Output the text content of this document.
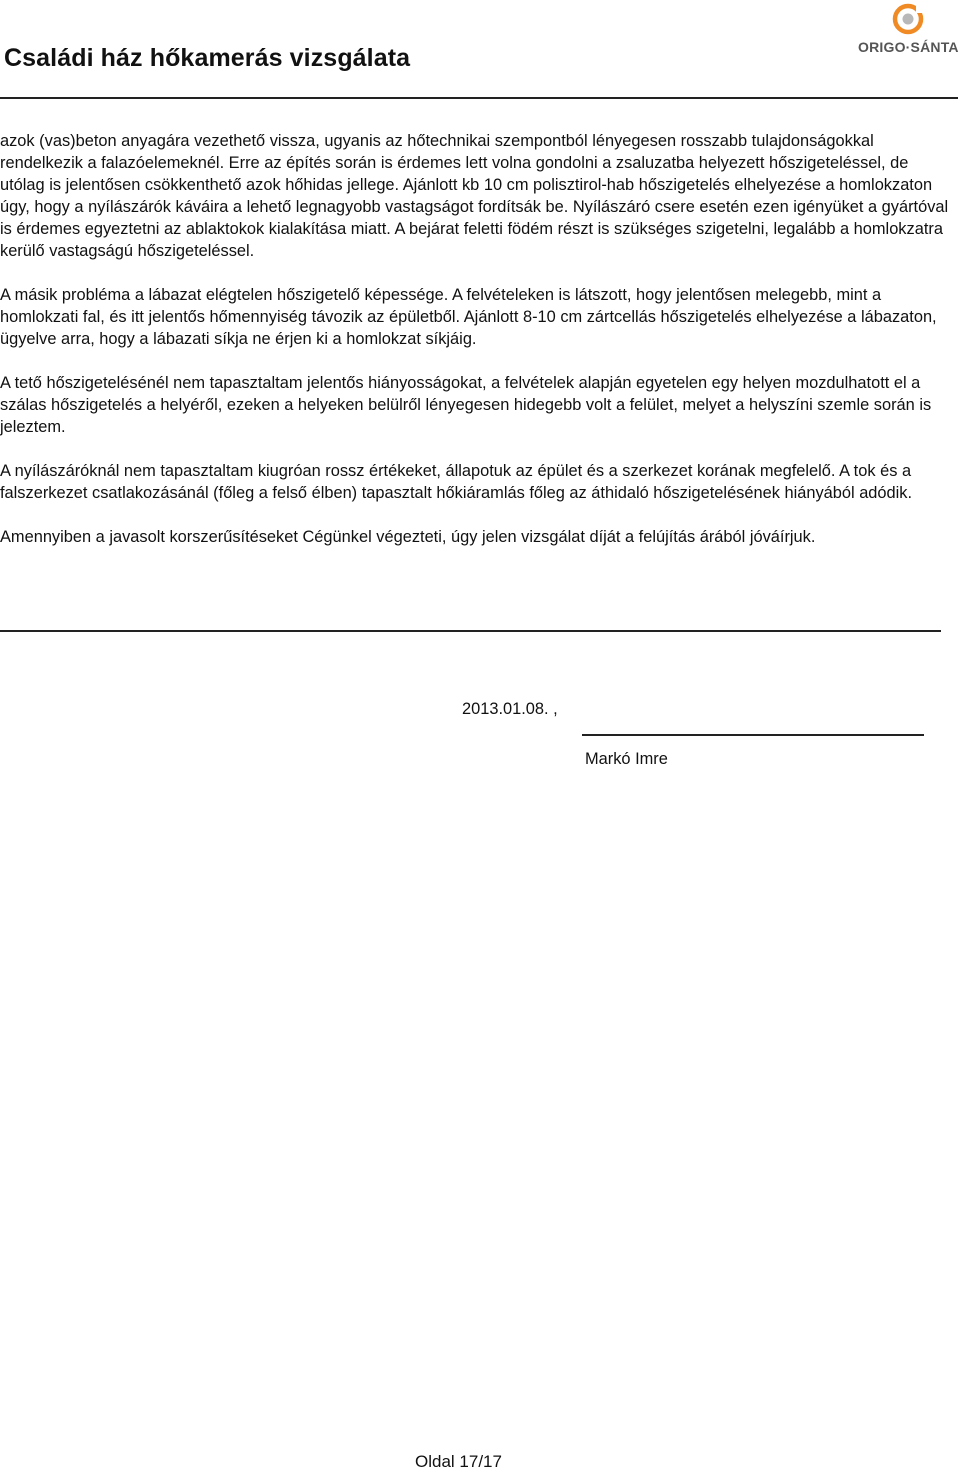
Családi ház hőkamerás vizsgálata	ORIGO·SÁNTA

azok (vas)beton anyagára vezethető vissza, ugyanis az hőtechnikai szempontból lényegesen rosszabb tulajdonságokkal rendelkezik a falazóelemeknél. Erre az építés során is érdemes lett volna gondolni a zsaluzatba helyezett hőszigeteléssel, de utólag is jelentősen csökkenthető azok hőhidas jellege. Ajánlott kb 10 cm polisztirol-hab hőszigetelés elhelyezése a homlokzaton úgy, hogy a nyílászárók káváira a lehető legnagyobb vastagságot fordítsák be. Nyílászáró csere esetén ezen igényüket a gyártóval is érdemes egyeztetni az ablaktokok kialakítása miatt. A bejárat feletti födém részt is szükséges szigetelni, legalább a homlokzatra kerülő vastagságú hőszigeteléssel.

A másik probléma a lábazat elégtelen hőszigetelő képessége. A felvételeken is látszott, hogy jelentősen melegebb, mint a homlokzati fal, és itt jelentős hőmennyiség távozik az épületből. Ajánlott 8-10 cm zártcellás hőszigetelés elhelyezése a lábazaton, ügyelve arra, hogy a lábazati síkja ne érjen ki a homlokzat síkjáig.

A tető hőszigetelésénél nem tapasztaltam jelentős hiányosságokat, a felvételek alapján egyetelen egy helyen mozdulhatott el a szálas hőszigetelés a helyéről, ezeken a helyeken belülről lényegesen hidegebb volt a felület, melyet a helyszíni szemle során is jeleztem.

A nyílászáróknál nem tapasztaltam kiugróan rossz értékeket, állapotuk az épület és a szerkezet korának megfelelő. A tok és a falszerkezet csatlakozásánál (főleg a felső élben) tapasztalt hőkiáramlás főleg az áthidaló hőszigetelésének hiányából adódik.

Amennyiben a javasolt korszerűsítéseket Cégünkel végezteti, úgy jelen vizsgálat díját a felújítás árából jóváírjuk.

2013.01.08. ,
Markó Imre
Oldal 17/17
